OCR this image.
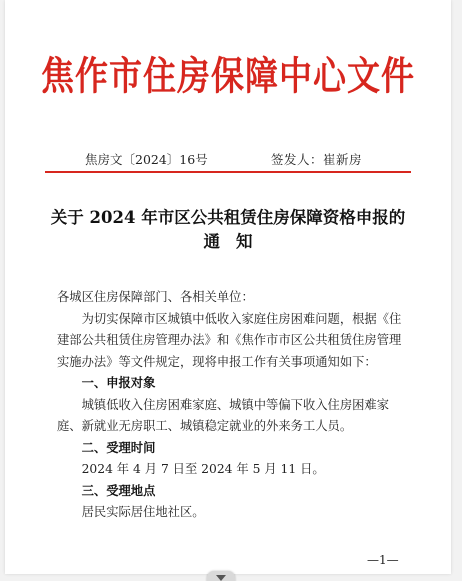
焦作市住房保障中心文件
焦房文〔2024〕16号	签发人：崔新房
关于 2024 年市区公共租赁住房保障资格申报的
通知

各城区住房保障部门、各相关单位：

为切实保障市区城镇中低收入家庭住房困难问题，根据《住建部公共租赁住房管理办法》和《焦作市市区公共租赁住房管理实施办法》等文件规定，现将申报工作有关事项通知如下：

一、申报对象

城镇低收入住房困难家庭、城镇中等偏下收入住房困难家庭、新就业无房职工、城镇稳定就业的外来务工人员。

二、受理时间

2024 年 4 月 7 日至 2024 年 5 月 11 日。

三、受理地点

居民实际居住地社区。

—1—
